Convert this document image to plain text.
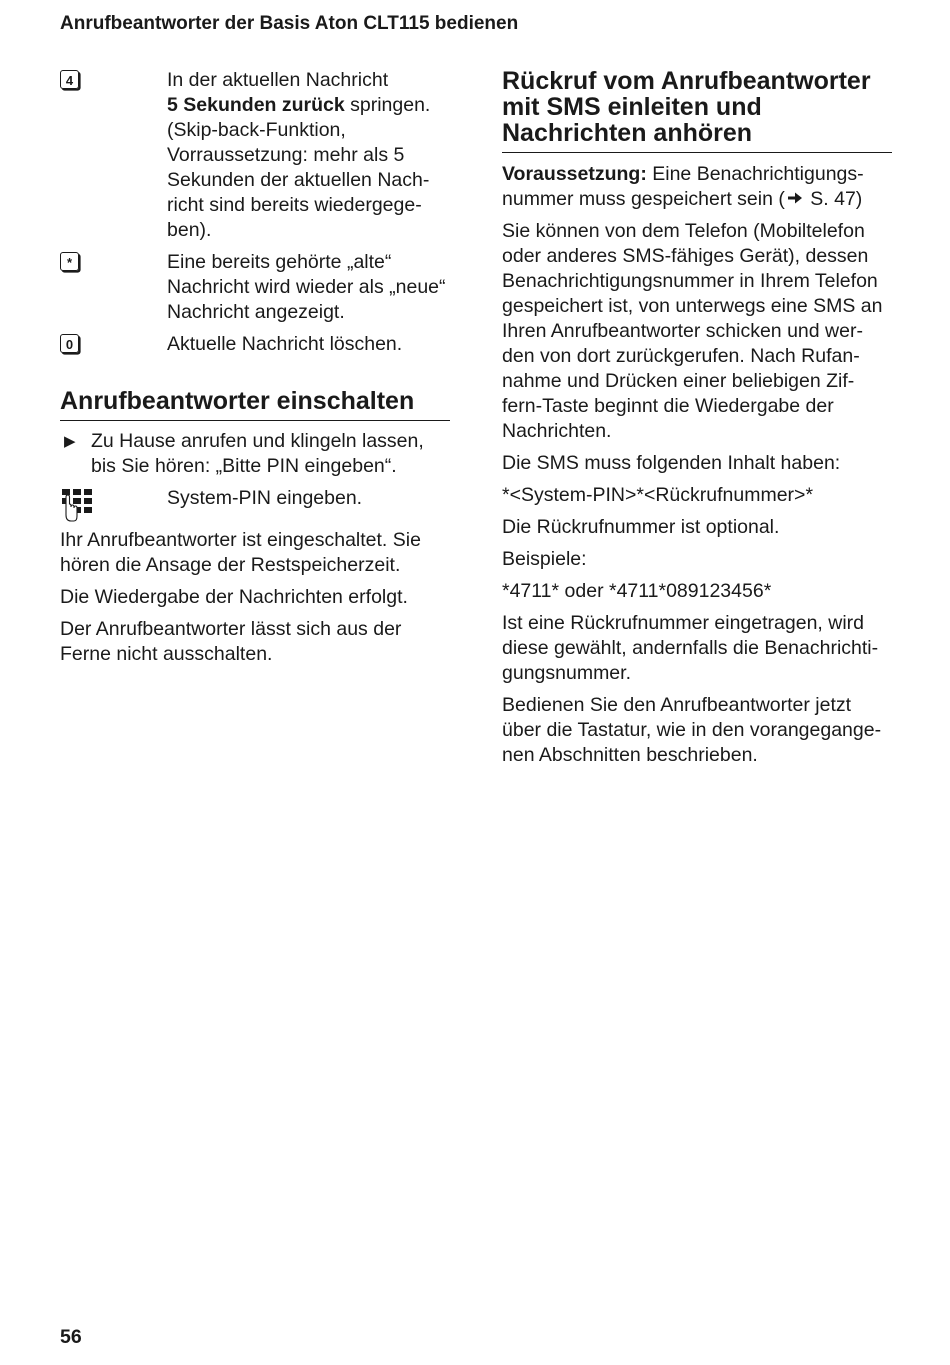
Anrufbeantworter der Basis Aton CLT115 bedienen
4	In der aktuellen Nachricht
5 Sekunden zurück springen. (Skip-back-Funktion, Vorraussetzung: mehr als 5 Sekunden der aktuellen Nach-richt sind bereits wiedergege-ben).
*	Eine bereits gehörte „alte“ Nachricht wird wieder als „neue“ Nachricht angezeigt.
0	Aktuelle Nachricht löschen.
Anrufbeantworter einschalten
▶ Zu Hause anrufen und klingeln lassen, bis Sie hören: „Bitte PIN eingeben“.
System-PIN eingeben.

Ihr Anrufbeantworter ist eingeschaltet. Sie hören die Ansage der Restspeicherzeit.

Die Wiedergabe der Nachrichten erfolgt.

Der Anrufbeantworter lässt sich aus der Ferne nicht ausschalten.

Rückruf vom Anrufbeantworter mit SMS einleiten und Nachrichten anhören

Voraussetzung: Eine Benachrichtigungs-nummer muss gespeichert sein ( S. 47)

Sie können von dem Telefon (Mobiltelefon oder anderes SMS-fähiges Gerät), dessen Benachrichtigungsnummer in Ihrem Telefon gespeichert ist, von unterwegs eine SMS an Ihren Anrufbeantworter schicken und wer-den von dort zurückgerufen. Nach Rufan-nahme und Drücken einer beliebigen Zif-fern-Taste beginnt die Wiedergabe der Nachrichten.

Die SMS muss folgenden Inhalt haben:

*<System-PIN>*<Rückrufnummer>*

Die Rückrufnummer ist optional.

Beispiele:

*4711* oder *4711*089123456*

Ist eine Rückrufnummer eingetragen, wird diese gewählt, andernfalls die Benachrichti-gungsnummer.

Bedienen Sie den Anrufbeantworter jetzt über die Tastatur, wie in den vorangegange-nen Abschnitten beschrieben.

56
